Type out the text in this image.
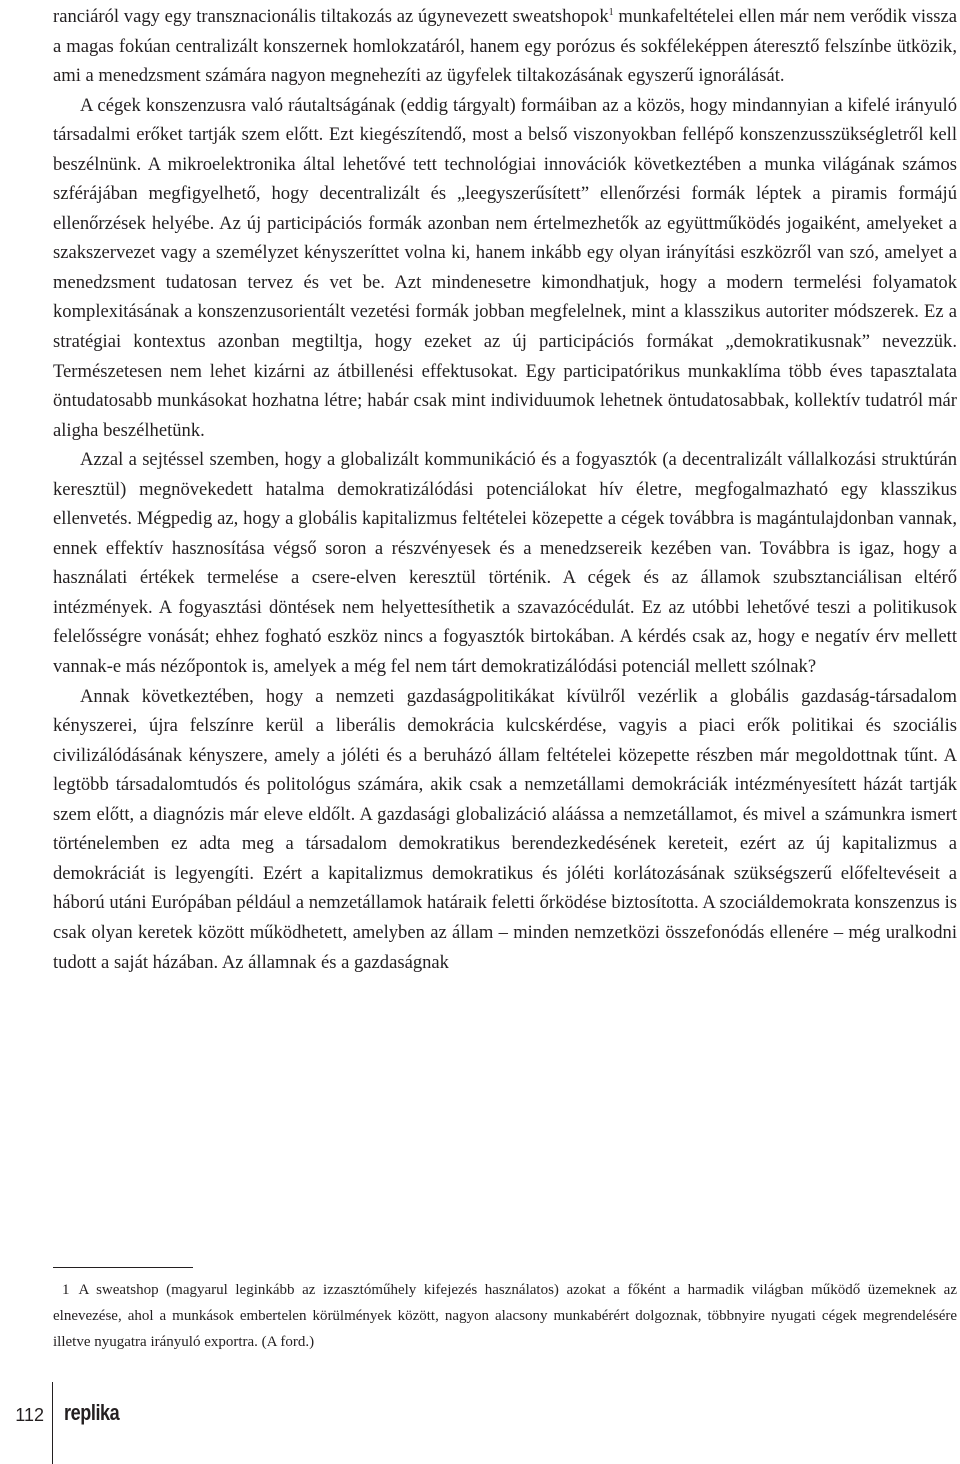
ranciáról vagy egy transznacionális tiltakozás az úgynevezett sweatshopok$^1$ munkafeltételei ellen már nem verődik vissza a magas fokúan centralizált konszernek homlokzatáról, hanem egy porózus és sokféleképpen áteresztő felszínbe ütközik, ami a menedzsment számára nagyon megnehezíti az ügyfelek tiltakozásának egyszerű ignorálását.

A cégek konszenzusra való ráutaltságának (eddig tárgyalt) formáiban az a közös, hogy mindannyian a kifelé irányuló társadalmi erőket tartják szem előtt. Ezt kiegészítendő, most a belső viszonyokban fellépő konszenzusszükségletről kell beszélnünk. A mikroelektronika által lehetővé tett technológiai innovációk következtében a munka világának számos szférájában megfigyelhető, hogy decentralizált és „leegyszerűsített” ellenőrzési formák léptek a piramis formájú ellenőrzések helyébe. Az új participációs formák azonban nem értelmezhetők az együttműködés jogaiként, amelyeket a szakszervezet vagy a személyzet kényszeríttet volna ki, hanem inkább egy olyan irányítási eszközről van szó, amelyet a menedzsment tudatosan tervez és vet be. Azt mindenesetre kimondhatjuk, hogy a modern termelési folyamatok komplexitásának a konszenzusorientált vezetési formák jobban megfelelnek, mint a klasszikus autoriter módszerek. Ez a stratégiai kontextus azonban megtiltja, hogy ezeket az új participációs formákat „demokratikusnak” nevezzük. Természetesen nem lehet kizárni az átbillenési effektusokat. Egy participatórikus munkaklíma több éves tapasztalata öntudatosabb munkásokat hozhatna létre; habár csak mint individuumok lehetnek öntudatosabbak, kollektív tudatról már aligha beszélhetünk.

Azzal a sejtéssel szemben, hogy a globalizált kommunikáció és a fogyasztók (a decentralizált vállalkozási struktúrán keresztül) megnövekedett hatalma demokratizálódási potenciálokat hív életre, megfogalmazható egy klasszikus ellenvetés. Mégpedig az, hogy a globális kapitalizmus feltételei közepette a cégek továbbra is magántulajdonban vannak, ennek effektív hasznosítása végső soron a részvényesek és a menedzsereik kezében van. Továbbra is igaz, hogy a használati értékek termelése a csere-elven keresztül történik. A cégek és az államok szubsztanciálisan eltérő intézmények. A fogyasztási döntések nem helyettesíthetik a szavazócédulát. Ez az utóbbi lehetővé teszi a politikusok felelősségre vonását; ehhez fogható eszköz nincs a fogyasztók birtokában. A kérdés csak az, hogy e negatív érv mellett vannak-e más nézőpontok is, amelyek a még fel nem tárt demokratizálódási potenciál mellett szólnak?

Annak következtében, hogy a nemzeti gazdaságpolitikákat kívülről vezérlik a globális gazdaság-társadalom kényszerei, újra felszínre kerül a liberális demokrácia kulcskérdése, vagyis a piaci erők politikai és szociális civilizálódásának kényszere, amely a jóléti és a beruházó állam feltételei közepette részben már megoldottnak tűnt. A legtöbb társadalomtudós és politológus számára, akik csak a nemzetállami demokráciák intézményesített házát tartják szem előtt, a diagnózis már eleve eldőlt. A gazdasági globalizáció aláássa a nemzetállamot, és mivel a számunkra ismert történelemben ez adta meg a társadalom demokratikus berendezkedésének kereteit, ezért az új kapitalizmus a demokráciát is legyengíti. Ezért a kapitalizmus demokratikus és jóléti korlátozásának szükségszerű előfeltevéseit a háború utáni Európában például a nemzetállamok határaik feletti őrködése biztosította. A szociáldemokrata konszenzus is csak olyan keretek között működhetett, amelyben az állam – minden nemzetközi összefonódás ellenére – még uralkodni tudott a saját házában. Az államnak és a gazdaságnak

1 A sweatshop (magyarul leginkább az izzasztóműhely kifejezés használatos) azokat a főként a harmadik világban működő üzemeknek az elnevezése, ahol a munkások embertelen körülmények között, nagyon alacsony munkabérért dolgoznak, többnyire nyugati cégek megrendelésére illetve nyugatra irányuló exportra. (A ford.)

112 replika
